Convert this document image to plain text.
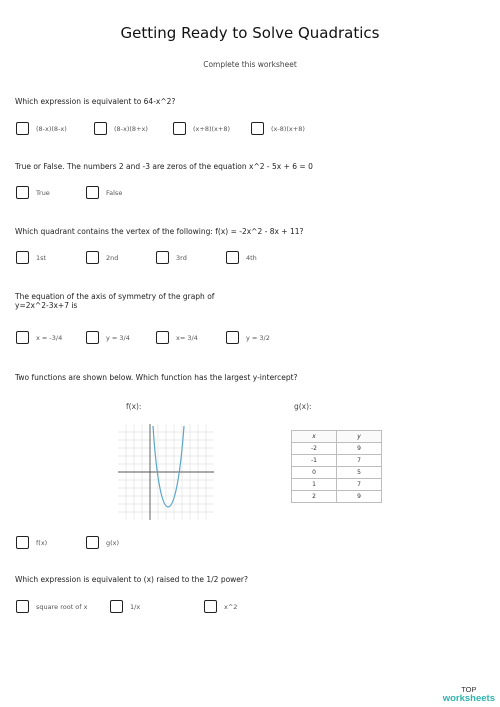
Getting Ready to Solve Quadratics
Complete this worksheet
Which expression is equivalent to 64-x^2?
(8-x)(8-x)	(8-x)(8+x)	(x+8)(x+8)	(x-8)(x+8)
True or False. The numbers 2 and -3 are zeros of the equation x^2 - 5x + 6 = 0
True	False
Which quadrant contains the vertex of the following: f(x) = -2x^2 - 8x + 11?
1st	2nd	3rd	4th
The equation of the axis of symmetry of the graph of
y=2x^2-3x+7 is
x = -3/4	y = 3/4	x= 3/4	y = 3/2
Two functions are shown below. Which function has the largest y-intercept?
f(x):	g(x):
x	y
-2	9
-1	7
0	5
1	7
2	9
f(x)	g(x)
Which expression is equivalent to (x) raised to the 1/2 power?
square root of x	1/x	x^2
TOP
worksheets
